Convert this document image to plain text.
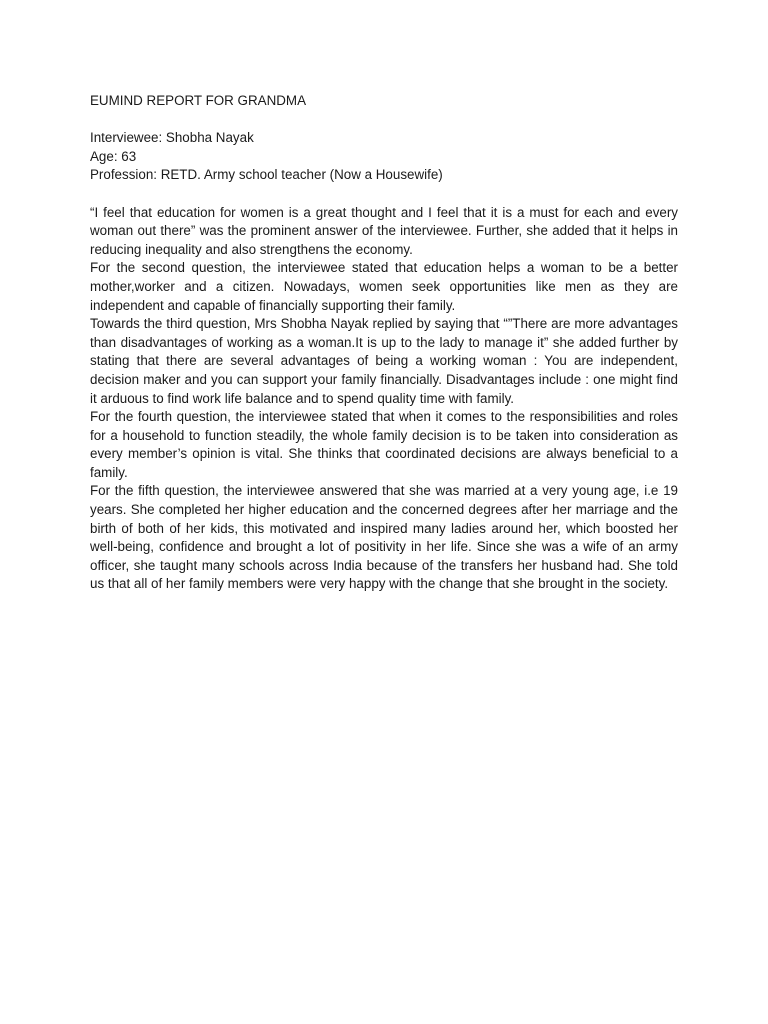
EUMIND REPORT FOR GRANDMA

Interviewee: Shobha Nayak

Age: 63

Profession: RETD. Army school teacher (Now a Housewife)

“I feel that education for women is a great thought and I feel that it is a must for each and every woman out there” was the prominent answer of the interviewee. Further, she added that it helps in reducing inequality and also strengthens the economy.

For the second question, the interviewee stated that education helps a woman to be a better mother,worker and a citizen. Nowadays, women seek opportunities like men as they are independent and capable of financially supporting their family.

Towards the third question, Mrs Shobha Nayak replied by saying that “”There are more advantages than disadvantages of working as a woman.It is up to the lady to manage it” she added further by stating that there are several advantages of being a working woman : You are independent, decision maker and you can support your family financially. Disadvantages include : one might find it arduous to find work life balance and to spend quality time with family.

For the fourth question, the interviewee stated that when it comes to the responsibilities and roles for a household to function steadily, the whole family decision is to be taken into consideration as every member’s opinion is vital. She thinks that coordinated decisions are always beneficial to a family.

For the fifth question, the interviewee answered that she was married at a very young age, i.e 19 years. She completed her higher education and the concerned degrees after her marriage and the birth of both of her kids, this motivated and inspired many ladies around her, which boosted her well-being, confidence and brought a lot of positivity in her life. Since she was a wife of an army officer, she taught many schools across India because of the transfers her husband had. She told us that all of her family members were very happy with the change that she brought in the society.
